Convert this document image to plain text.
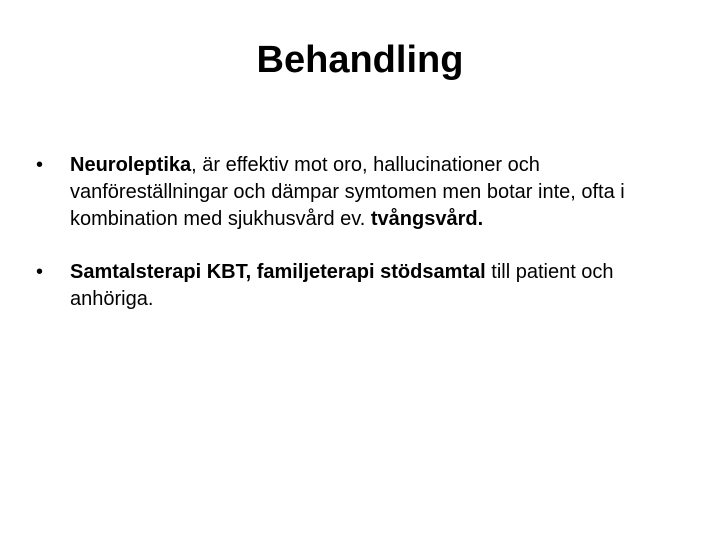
Behandling
•	Neuroleptika, är effektiv mot oro, hallucinationer och vanföreställningar och dämpar symtomen men botar inte, ofta i kombination med sjukhusvård ev. tvångsvård.
•	Samtalsterapi KBT, familjeterapi stödsamtal till patient och anhöriga.
